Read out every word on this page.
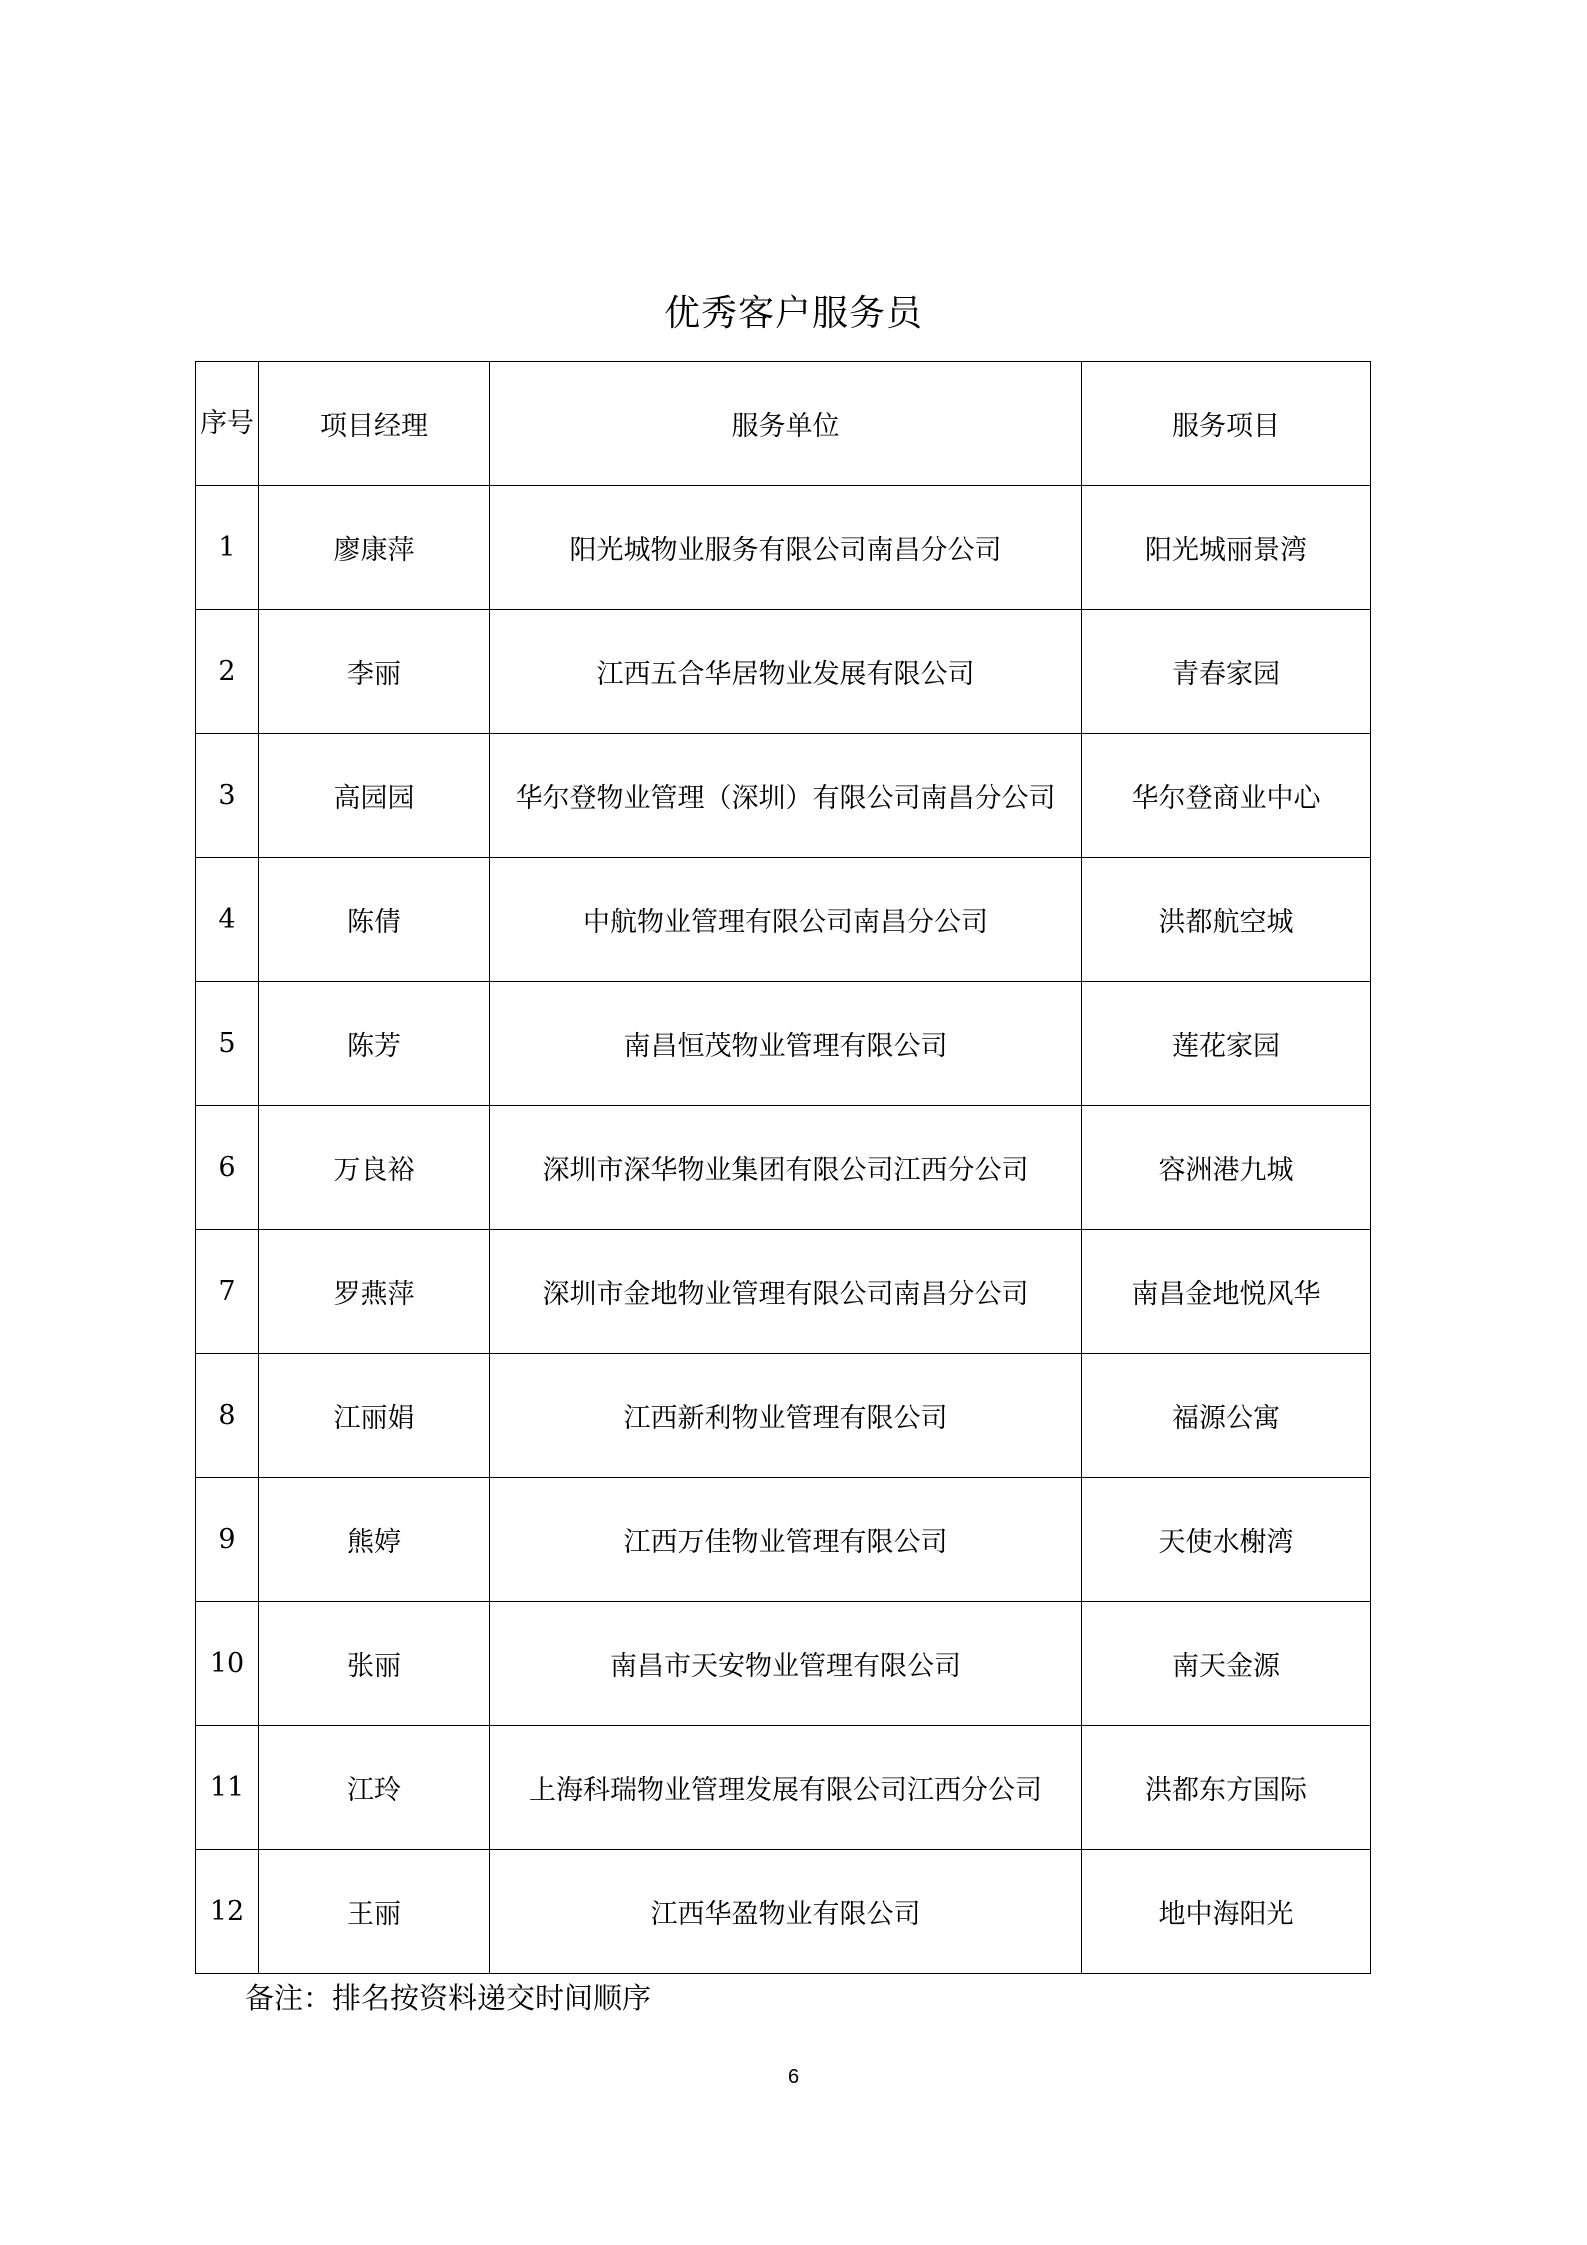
优秀客户服务员
序号	项目经理	服务单位	服务项目
1	廖康萍	阳光城物业服务有限公司南昌分公司	阳光城丽景湾
2	李丽	江西五合华居物业发展有限公司	青春家园
3	高园园	华尔登物业管理（深圳）有限公司南昌分公司	华尔登商业中心
4	陈倩	中航物业管理有限公司南昌分公司	洪都航空城
5	陈芳	南昌恒茂物业管理有限公司	莲花家园
6	万良裕	深圳市深华物业集团有限公司江西分公司	容洲港九城
7	罗燕萍	深圳市金地物业管理有限公司南昌分公司	南昌金地悦风华
8	江丽娟	江西新利物业管理有限公司	福源公寓
9	熊婷	江西万佳物业管理有限公司	天使水榭湾
10	张丽	南昌市天安物业管理有限公司	南天金源
11	江玲	上海科瑞物业管理发展有限公司江西分公司	洪都东方国际
12	王丽	江西华盈物业有限公司	地中海阳光
备注：排名按资料递交时间顺序
6
